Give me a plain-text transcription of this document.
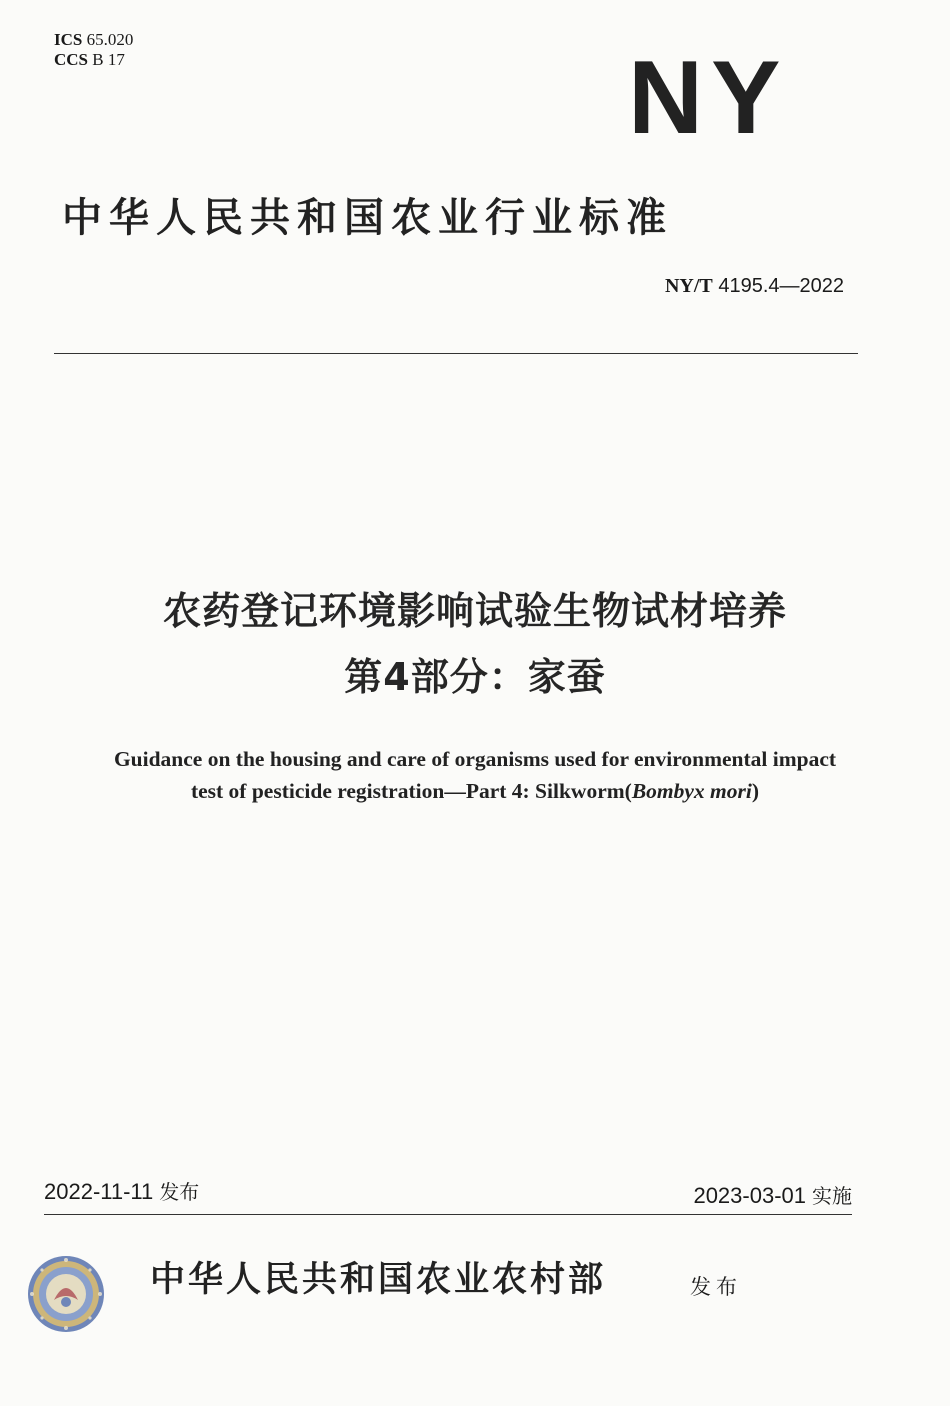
ICS 65.020
CCS B 17	NY
中华人民共和国农业行业标准
NY/T 4195.4—2022
农药登记环境影响试验生物试材培养
第4部分：家蚕
Guidance on the housing and care of organisms used for environmental impact
test of pesticide registration—Part 4: Silkworm(Bombyx mori)
2022-11-11 发布	2023-03-01 实施
中华人民共和国农业农村部	发布
